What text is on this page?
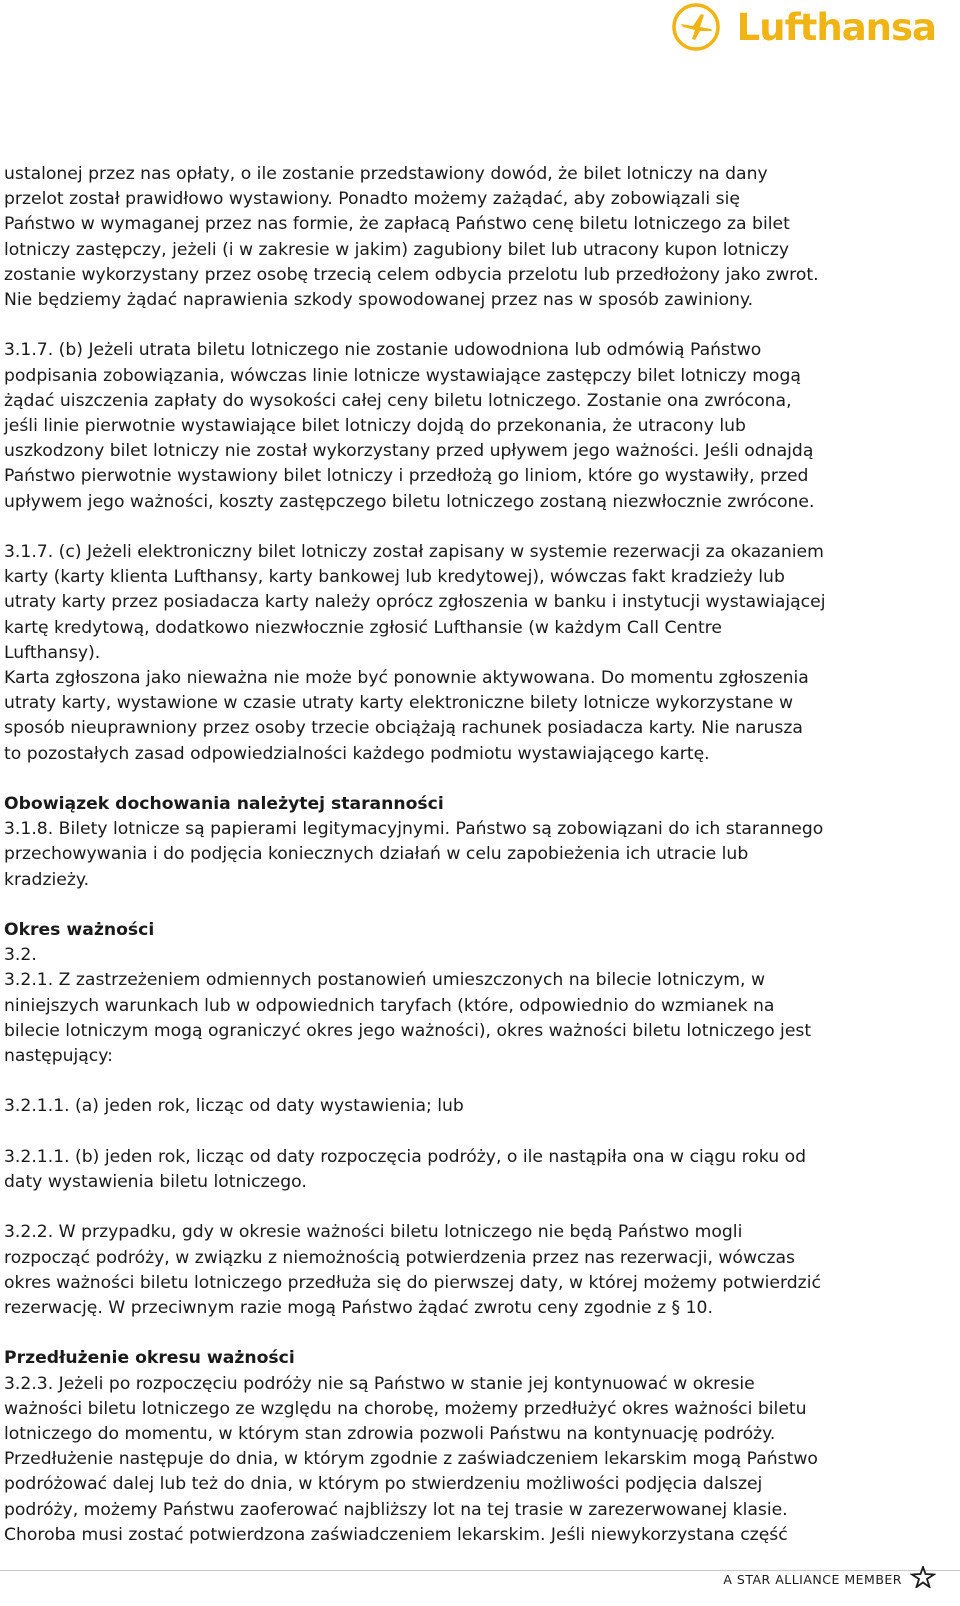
Lufthansa

ustalonej przez nas opłaty, o ile zostanie przedstawiony dowód, że bilet lotniczy na dany
przelot został prawidłowo wystawiony. Ponadto możemy zażądać, aby zobowiązali się
Państwo w wymaganej przez nas formie, że zapłacą Państwo cenę biletu lotniczego za bilet
lotniczy zastępczy, jeżeli (i w zakresie w jakim) zagubiony bilet lub utracony kupon lotniczy
zostanie wykorzystany przez osobę trzecią celem odbycia przelotu lub przedłożony jako zwrot.
Nie będziemy żądać naprawienia szkody spowodowanej przez nas w sposób zawiniony.

3.1.7. (b) Jeżeli utrata biletu lotniczego nie zostanie udowodniona lub odmówią Państwo
podpisania zobowiązania, wówczas linie lotnicze wystawiające zastępczy bilet lotniczy mogą
żądać uiszczenia zapłaty do wysokości całej ceny biletu lotniczego. Zostanie ona zwrócona,
jeśli linie pierwotnie wystawiające bilet lotniczy dojdą do przekonania, że utracony lub
uszkodzony bilet lotniczy nie został wykorzystany przed upływem jego ważności. Jeśli odnajdą
Państwo pierwotnie wystawiony bilet lotniczy i przedłożą go liniom, które go wystawiły, przed
upływem jego ważności, koszty zastępczego biletu lotniczego zostaną niezwłocznie zwrócone.

3.1.7. (c) Jeżeli elektroniczny bilet lotniczy został zapisany w systemie rezerwacji za okazaniem
karty (karty klienta Lufthansy, karty bankowej lub kredytowej), wówczas fakt kradzieży lub
utraty karty przez posiadacza karty należy oprócz zgłoszenia w banku i instytucji wystawiającej
kartę kredytową, dodatkowo niezwłocznie zgłosić Lufthansie (w każdym Call Centre
Lufthansy).
Karta zgłoszona jako nieważna nie może być ponownie aktywowana. Do momentu zgłoszenia
utraty karty, wystawione w czasie utraty karty elektroniczne bilety lotnicze wykorzystane w
sposób nieuprawniony przez osoby trzecie obciążają rachunek posiadacza karty. Nie narusza
to pozostałych zasad odpowiedzialności każdego podmiotu wystawiającego kartę.

Obowiązek dochowania należytej staranności

3.1.8. Bilety lotnicze są papierami legitymacyjnymi. Państwo są zobowiązani do ich starannego
przechowywania i do podjęcia koniecznych działań w celu zapobieżenia ich utracie lub
kradzieży.

Okres ważności

3.2.
3.2.1. Z zastrzeżeniem odmiennych postanowień umieszczonych na bilecie lotniczym, w
niniejszych warunkach lub w odpowiednich taryfach (które, odpowiednio do wzmianek na
bilecie lotniczym mogą ograniczyć okres jego ważności), okres ważności biletu lotniczego jest
następujący:

3.2.1.1. (a) jeden rok, licząc od daty wystawienia; lub

3.2.1.1. (b) jeden rok, licząc od daty rozpoczęcia podróży, o ile nastąpiła ona w ciągu roku od
daty wystawienia biletu lotniczego.

3.2.2. W przypadku, gdy w okresie ważności biletu lotniczego nie będą Państwo mogli
rozpocząć podróży, w związku z niemożnością potwierdzenia przez nas rezerwacji, wówczas
okres ważności biletu lotniczego przedłuża się do pierwszej daty, w której możemy potwierdzić
rezerwację. W przeciwnym razie mogą Państwo żądać zwrotu ceny zgodnie z § 10.

Przedłużenie okresu ważności

3.2.3. Jeżeli po rozpoczęciu podróży nie są Państwo w stanie jej kontynuować w okresie
ważności biletu lotniczego ze względu na chorobę, możemy przedłużyć okres ważności biletu
lotniczego do momentu, w którym stan zdrowia pozwoli Państwu na kontynuację podróży.
Przedłużenie następuje do dnia, w którym zgodnie z zaświadczeniem lekarskim mogą Państwo
podróżować dalej lub też do dnia, w którym po stwierdzeniu możliwości podjęcia dalszej
podróży, możemy Państwu zaoferować najbliższy lot na tej trasie w zarezerwowanej klasie.
Choroba musi zostać potwierdzona zaświadczeniem lekarskim. Jeśli niewykorzystana część

A STAR ALLIANCE MEMBER
